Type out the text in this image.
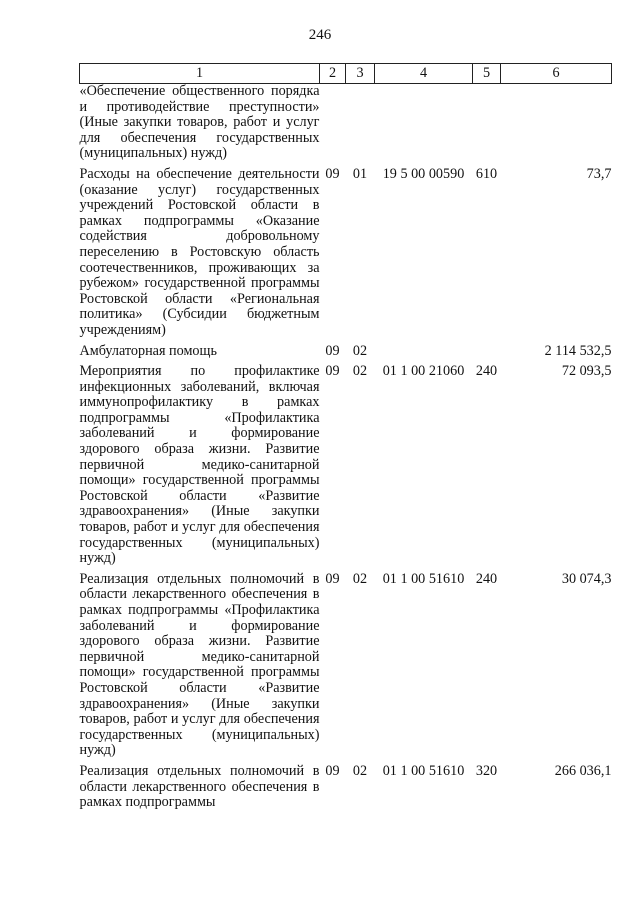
246
1	2	3	4	5	6
«Обеспечение общественного порядка и противодействие преступности» (Иные закупки товаров, работ и услуг для обеспечения государственных (муниципальных) нужд)					
Расходы на обеспечение деятельности (оказание услуг) государственных учреждений Ростовской области в рамках подпрограммы «Оказание содействия добровольному переселению в Ростовскую область соотечественников, проживающих за рубежом» государственной программы Ростовской области «Региональная политика» (Субсидии бюджетным учреждениям)	09	01	19 5 00 00590	610	73,7
Амбулаторная помощь	09	02			2 114 532,5
Мероприятия по профилактике инфекционных заболеваний, включая иммунопрофилактику в рамках подпрограммы «Профилактика заболеваний и формирование здорового образа жизни. Развитие первичной медико-санитарной помощи» государственной программы Ростовской области «Развитие здравоохранения» (Иные закупки товаров, работ и услуг для обеспечения государственных (муниципальных) нужд)	09	02	01 1 00 21060	240	72 093,5
Реализация отдельных полномочий в области лекарственного обеспечения в рамках подпрограммы «Профилактика заболеваний и формирование здорового образа жизни. Развитие первичной медико-санитарной помощи» государственной программы Ростовской области «Развитие здравоохранения» (Иные закупки товаров, работ и услуг для обеспечения государственных (муниципальных) нужд)	09	02	01 1 00 51610	240	30 074,3
Реализация отдельных полномочий в области лекарственного обеспечения в рамках подпрограммы	09	02	01 1 00 51610	320	266 036,1
